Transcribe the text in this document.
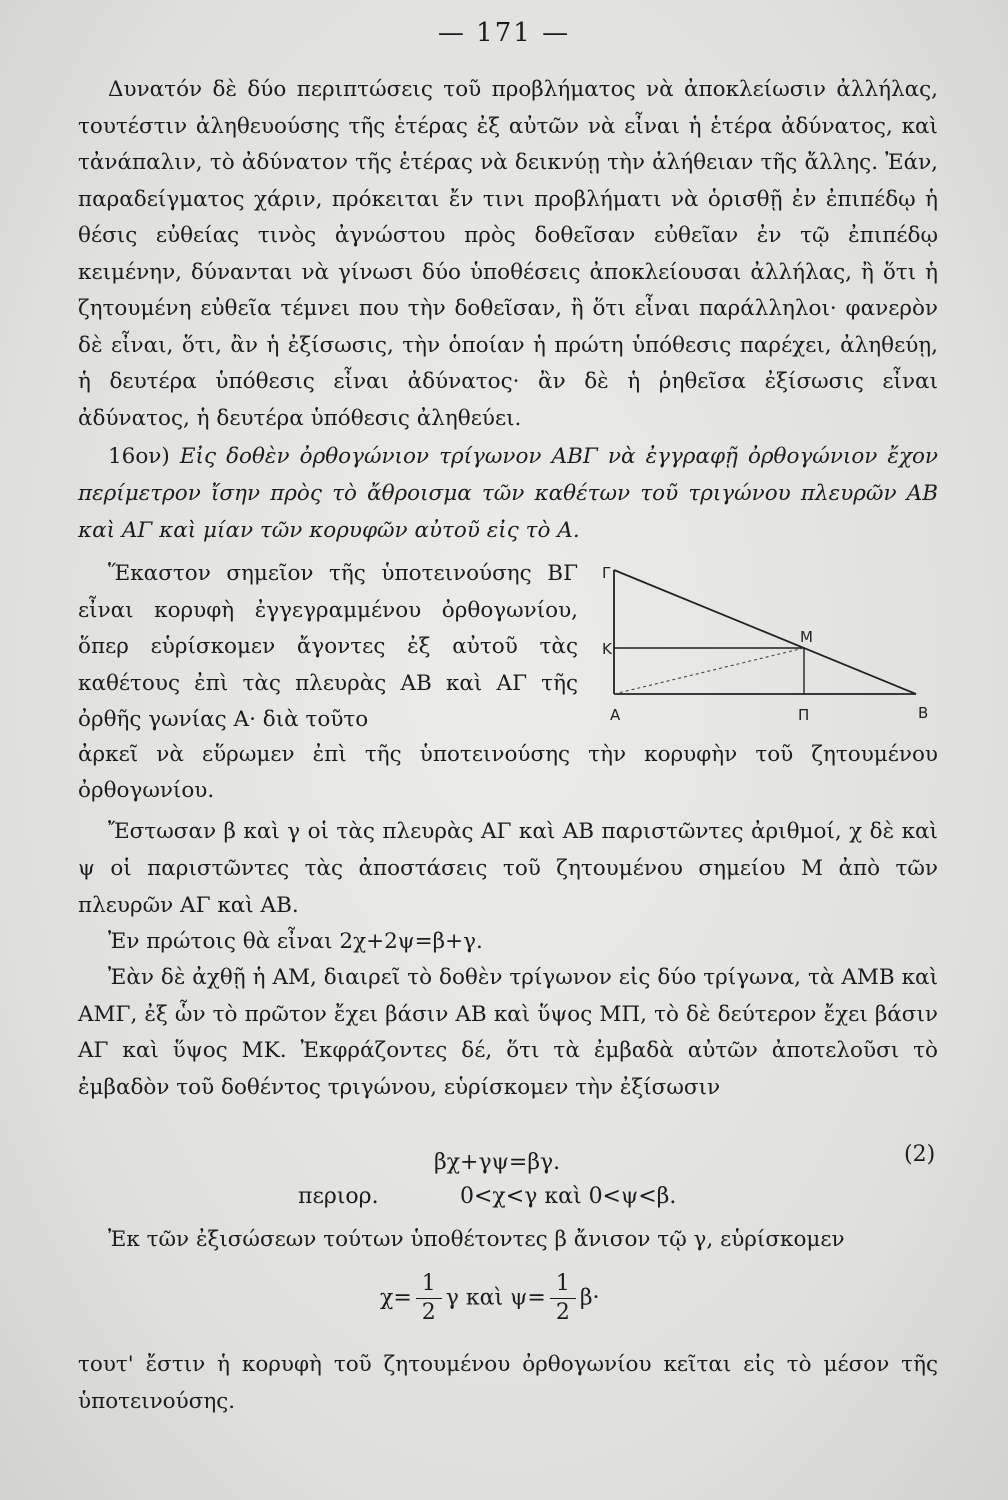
— 171 —

Δυνατόν δὲ δύο περιπτώσεις τοῦ προβλήματος νὰ ἀποκλείωσιν ἀλλήλας, τουτέστιν ἀληθευούσης τῆς ἑτέρας ἐξ αὐτῶν νὰ εἶναι ἡ ἑτέρα ἀδύνατος, καὶ τἀνάπαλιν, τὸ ἀδύνατον τῆς ἑτέρας νὰ δεικνύῃ τὴν ἀλήθειαν τῆς ἄλλης. Ἐάν, παραδείγματος χάριν, πρόκειται ἔν τινι προβλήματι νὰ ὁρισθῇ ἐν ἐπιπέδῳ ἡ θέσις εὐθείας τινὸς ἀγνώστου πρὸς δοθεῖσαν εὐθεῖαν ἐν τῷ ἐπιπέδῳ κειμένην, δύνανται νὰ γίνωσι δύο ὑποθέσεις ἀποκλείουσαι ἀλλήλας, ἢ ὅτι ἡ ζητουμένη εὐθεῖα τέμνει που τὴν δοθεῖσαν, ἢ ὅτι εἶναι παράλληλοι· φανερὸν δὲ εἶναι, ὅτι, ἂν ἡ ἐξίσωσις, τὴν ὁποίαν ἡ πρώτη ὑπόθεσις παρέχει, ἀληθεύῃ, ἡ δευτέρα ὑπόθεσις εἶναι ἀδύνατος· ἂν δὲ ἡ ῥηθεῖσα ἐξίσωσις εἶναι ἀδύνατος, ἡ δευτέρα ὑπόθεσις ἀληθεύει.

16ον) Εἰς δοθὲν ὀρθογώνιον τρίγωνον ΑΒΓ νὰ ἐγγραφῇ ὀρθογώνιον ἔχον περίμετρον ἴσην πρὸς τὸ ἄθροισμα τῶν καθέτων τοῦ τριγώνου πλευρῶν ΑΒ καὶ ΑΓ καὶ μίαν τῶν κορυφῶν αὐτοῦ εἰς τὸ Α.

Ἕκαστον σημεῖον τῆς ὑποτεινούσης ΒΓ εἶναι κορυφὴ ἐγγεγραμμένου ὀρθογωνίου, ὅπερ εὑρίσκομεν ἄγοντες ἐξ αὐτοῦ τὰς καθέτους ἐπὶ τὰς πλευρὰς ΑΒ καὶ ΑΓ τῆς ὀρθῆς γωνίας Α· διὰ τοῦτο

ἀρκεῖ νὰ εὕρωμεν ἐπὶ τῆς ὑποτεινούσης τὴν κορυφὴν τοῦ ζητουμένου ὀρθογωνίου.

Γ
Κ
Μ
Α	Π	Β

Ἔστωσαν β καὶ γ οἱ τὰς πλευρὰς ΑΓ καὶ ΑΒ παριστῶντες ἀριθμοί, χ δὲ καὶ ψ οἱ παριστῶντες τὰς ἀποστάσεις τοῦ ζητουμένου σημείου Μ ἀπὸ τῶν πλευρῶν ΑΓ καὶ ΑΒ.

Ἐν πρώτοις θὰ εἶναι 2χ+2ψ=β+γ.

Ἐὰν δὲ ἀχθῇ ἡ ΑΜ, διαιρεῖ τὸ δοθὲν τρίγωνον εἰς δύο τρίγωνα, τὰ ΑΜΒ καὶ ΑΜΓ, ἐξ ὧν τὸ πρῶτον ἔχει βάσιν ΑΒ καὶ ὕψος ΜΠ, τὸ δὲ δεύτερον ἔχει βάσιν ΑΓ καὶ ὕψος ΜΚ. Ἐκφράζοντες δέ, ὅτι τὰ ἐμβαδὰ αὐτῶν ἀποτελοῦσι τὸ ἐμβαδὸν τοῦ δοθέντος τριγώνου, εὑρίσκομεν τὴν ἐξίσωσιν

βχ+γψ=βγ.	(2)
περιορ.	0<χ<γ καὶ 0<ψ<β.

Ἐκ τῶν ἐξισώσεων τούτων ὑποθέτοντες β ἄνισον τῷ γ, εὑρίσκομεν

$\chi= \frac{1}{2}$ γ καὶ $\psi= \frac{1}{2} \beta\cdot$

τουτ' ἔστιν ἡ κορυφὴ τοῦ ζητουμένου ὀρθογωνίου κεῖται εἰς τὸ μέσον τῆς ὑποτεινούσης.
